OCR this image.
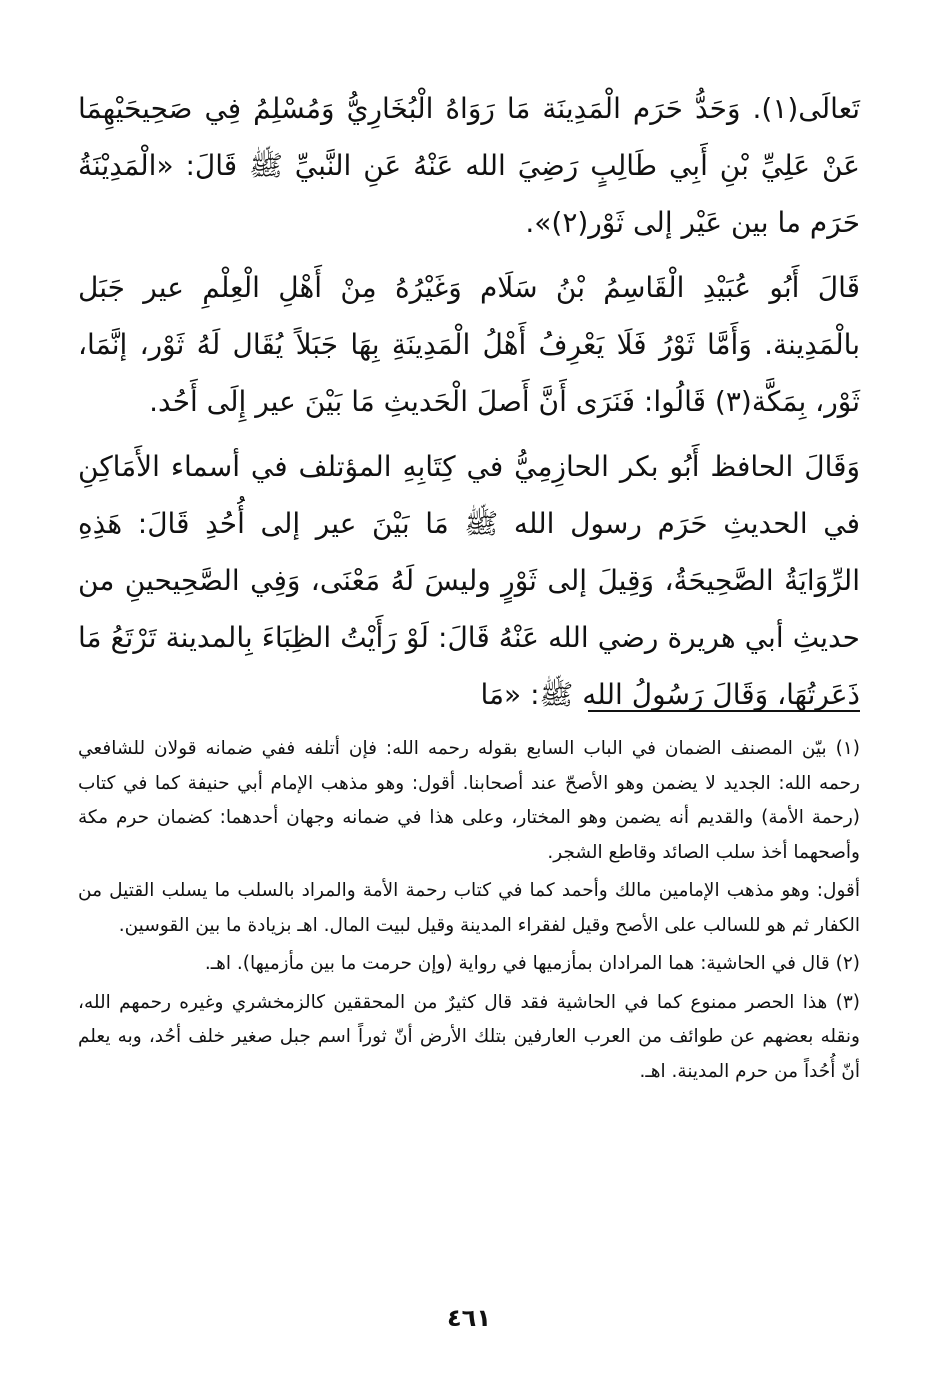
تَعالَى(١). وَحَدُّ حَرَم الْمَدِينَة مَا رَوَاهُ الْبُخَارِيُّ وَمُسْلِمُ فِي صَحِيحَيْهِمَا عَنْ عَلِيِّ بْنِ أَبِي طَالِبٍ رَضِيَ الله عَنْهُ عَنِ النَّبيِّ ﷺ قَالَ: «الْمَدِيْنَةُ حَرَم ما بين عَيْر إلى ثَوْر(٢)».

قَالَ أَبُو عُبَيْدِ الْقَاسِمُ بْنُ سَلَام وَغَيْرُهُ مِنْ أَهْلِ الْعِلْمِ عير جَبَل بالْمَدِينة. وَأَمَّا ثَوْرُ فَلَا يَعْرِفُ أَهْلُ الْمَدِينَةِ بِهَا جَبَلاً يُقَال لَهُ ثَوْر، إنَّمَا، ثَوْر، بِمَكَّة(٣) قَالُوا: فَنَرَى أَنَّ أَصلَ الْحَديثِ مَا بَيْنَ عير إِلَى أَحُد.

وَقَالَ الحافظ أَبُو بكر الحازِمِيُّ في كِتَابِهِ المؤتلف في أسماء الأَمَاكِنِ في الحديثِ حَرَم رسول الله ﷺ مَا بَيْنَ عير إلى أُحُدِ قَالَ: هَذِهِ الرِّوَايَةُ الصَّحِيحَةُ، وَقِيلَ إلى ثَوْرٍ وليسَ لَهُ مَعْنَى، وَفِي الصَّحِيحينِ من حديثِ أبي هريرة رضي الله عَنْهُ قَالَ: لَوْ رَأَيْتُ الظِبَاءَ بِالمدينة تَرْتَعُ مَا ذَعَرتُهَا، وَقَالَ رَسُولُ الله ﷺ: «مَا

(١) بيّن المصنف الضمان في الباب السابع بقوله رحمه الله: فإن أتلفه ففي ضمانه قولان للشافعي رحمه الله: الجديد لا يضمن وهو الأصحّ عند أصحابنا. أقول: وهو مذهب الإمام أبي حنيفة كما في كتاب (رحمة الأمة) والقديم أنه يضمن وهو المختار، وعلى هذا في ضمانه وجهان أحدهما: كضمان حرم مكة وأصحهما أخذ سلب الصائد وقاطع الشجر.

أقول: وهو مذهب الإمامين مالك وأحمد كما في كتاب رحمة الأمة والمراد بالسلب ما يسلب القتيل من الكفار ثم هو للسالب على الأصح وقيل لفقراء المدينة وقيل لبيت المال. اهـ بزيادة ما بين القوسين.

(٢) قال في الحاشية: هما المرادان بمأزميها في رواية (وإن حرمت ما بين مأزميها). اهـ.

(٣) هذا الحصر ممنوع كما في الحاشية فقد قال كثيرٌ من المحققين كالزمخشري وغيره رحمهم الله، ونقله بعضهم عن طوائف من العرب العارفين بتلك الأرض أنّ ثوراً اسم جبل صغير خلف أحُد، وبه يعلم أنّ أُحُداً من حرم المدينة. اهـ.

٤٦١
